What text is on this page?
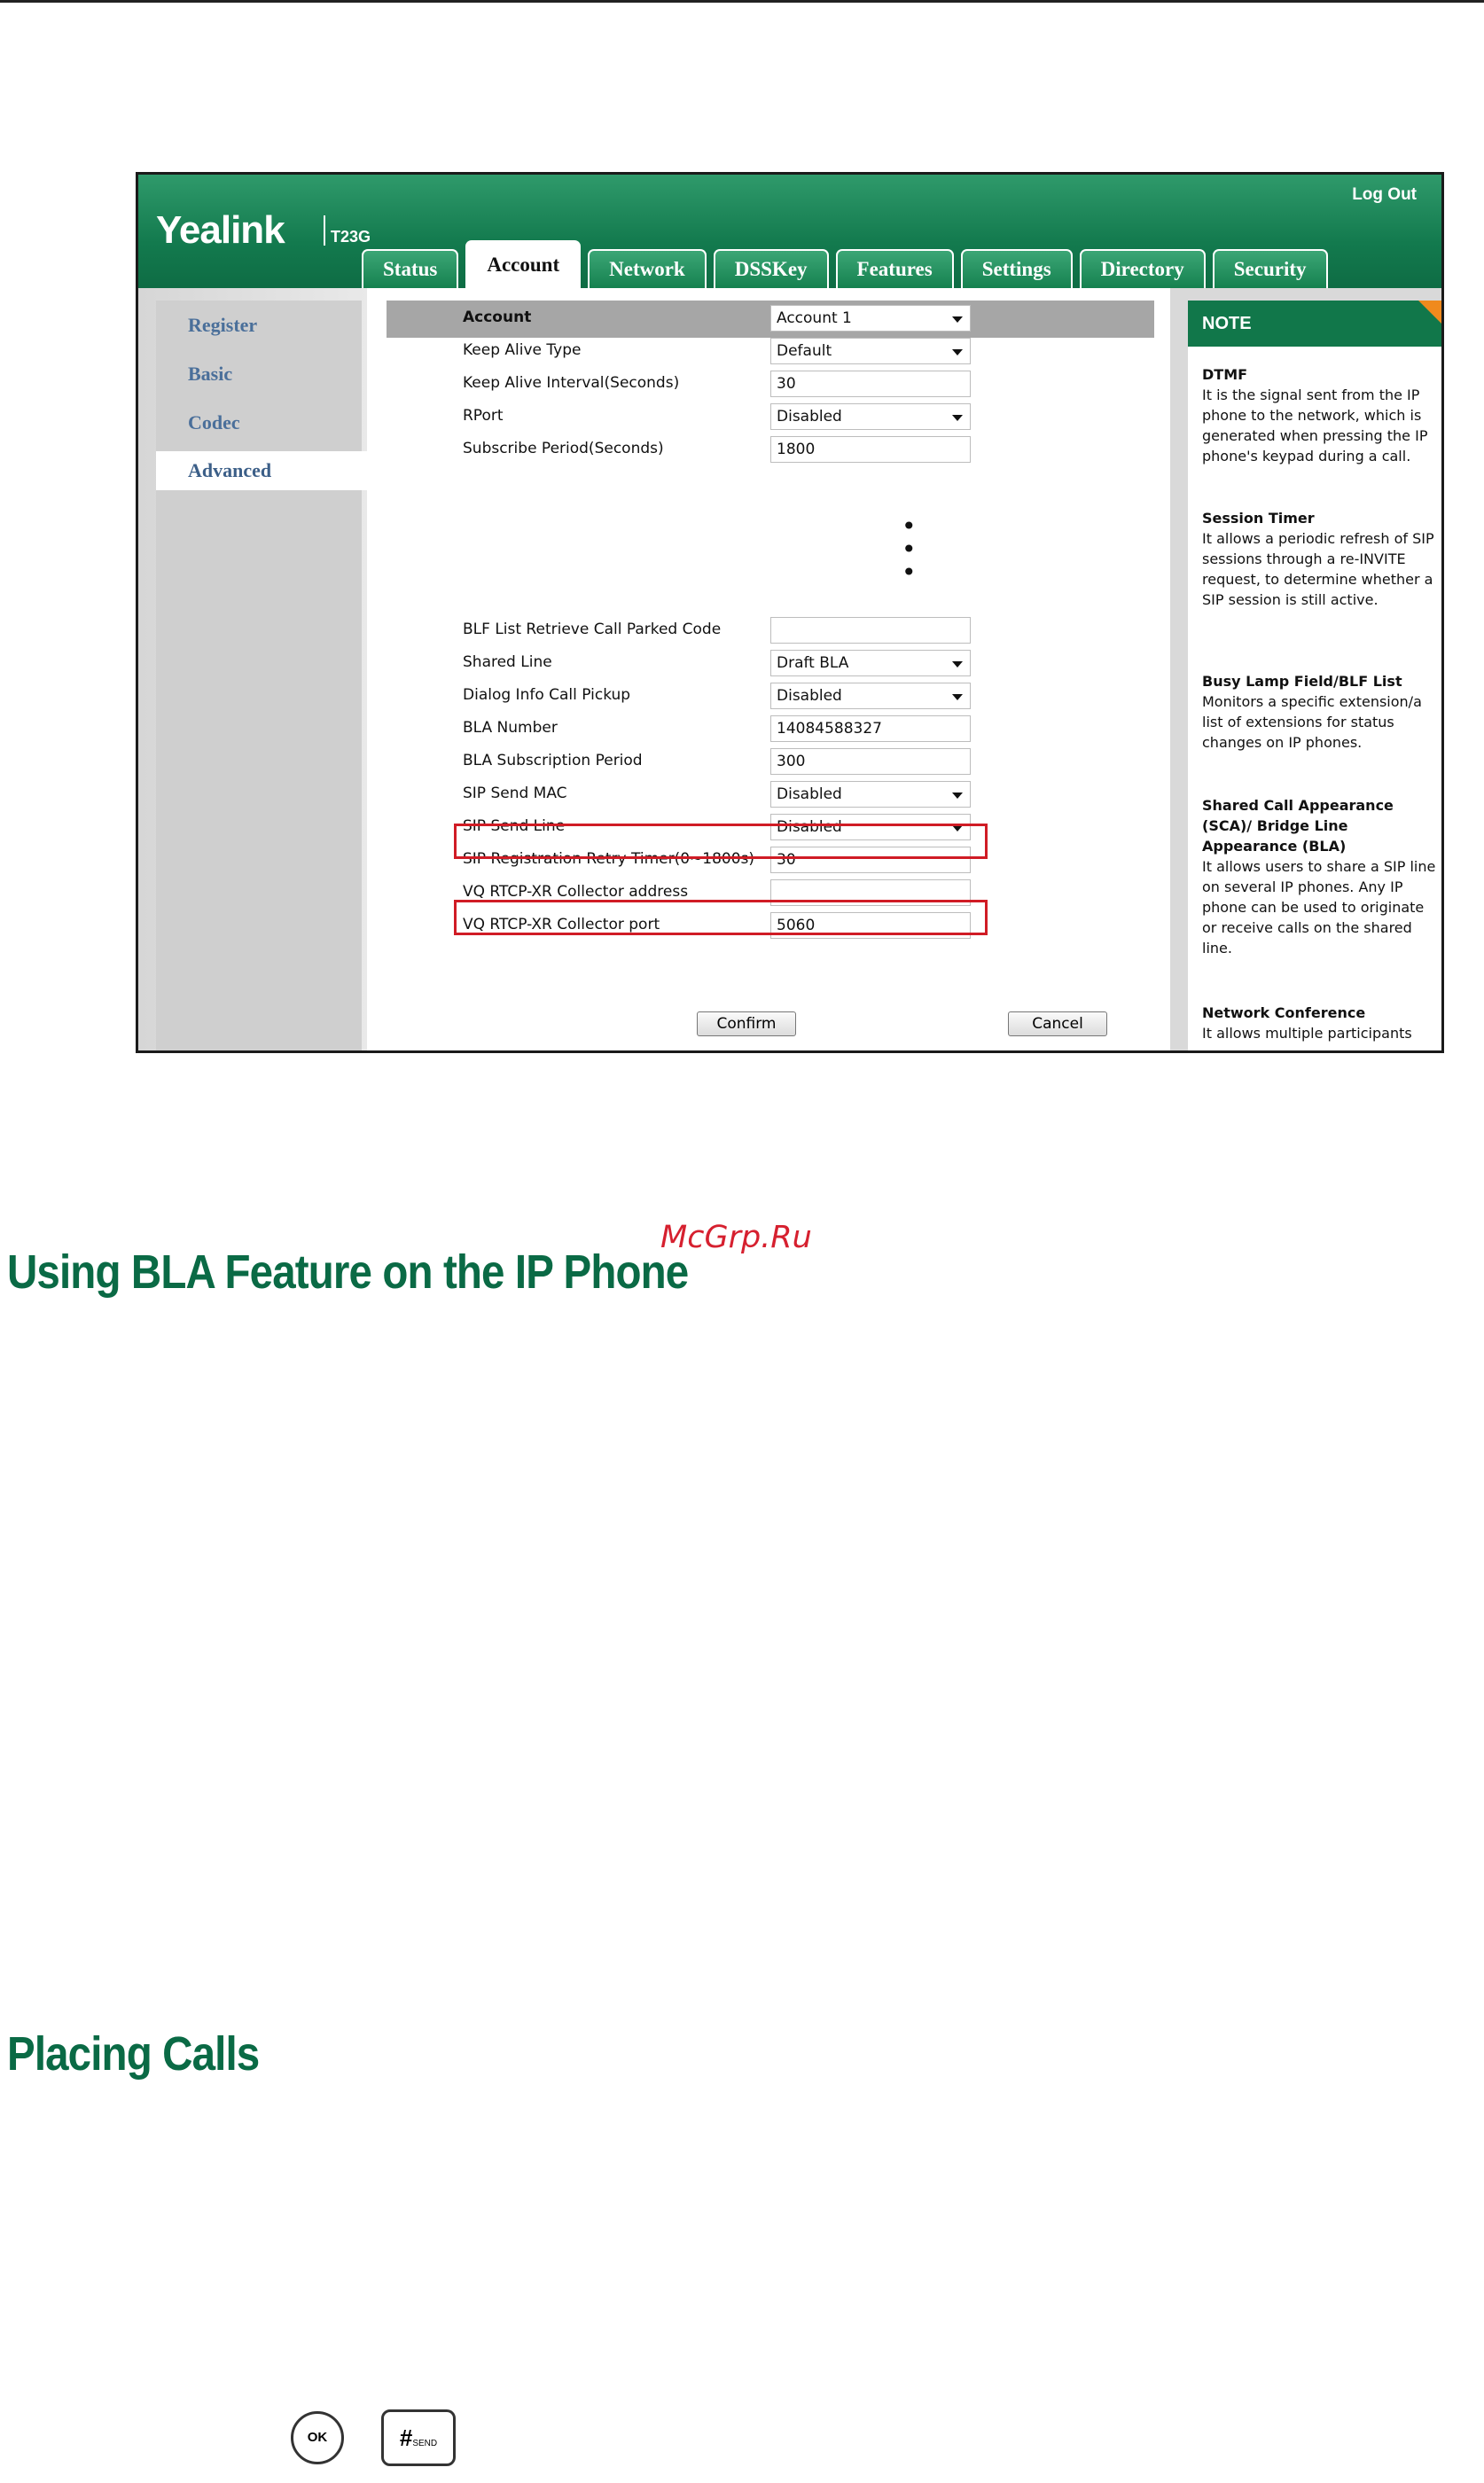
Log Out
Yealink	T23G
Status	Account	Network	DSSKey	Features	Settings	Directory	Security
Register
Basic
Codec
Advanced
Account	Account 1
Keep Alive Type	Default
Keep Alive Interval(Seconds)	30
RPort	Disabled
Subscribe Period(Seconds)	1800
•
•
•
BLF List Retrieve Call Parked Code
Shared Line	Draft BLA
Dialog Info Call Pickup	Disabled
BLA Number	14084588327
BLA Subscription Period	300
SIP Send MAC	Disabled
SIP Send Line	Disabled
SIP Registration Retry Timer(0~1800s)	30
VQ RTCP-XR Collector address
VQ RTCP-XR Collector port	5060
Confirm	Cancel
NOTE
DTMF
It is the signal sent from the IP phone to the network, which is generated when pressing the IP phone's keypad during a call.
Session Timer
It allows a periodic refresh of SIP sessions through a re-INVITE request, to determine whether a SIP session is still active.
Busy Lamp Field/BLF List
Monitors a specific extension/a list of extensions for status changes on IP phones.
Shared Call Appearance (SCA)/ Bridge Line Appearance (BLA)
It allows users to share a SIP line on several IP phones. Any IP phone can be used to originate or receive calls on the shared line.
Network Conference
It allows multiple participants
McGrp.Ru
Using BLA Feature on the IP Phone
Placing Calls
OK	#SEND
